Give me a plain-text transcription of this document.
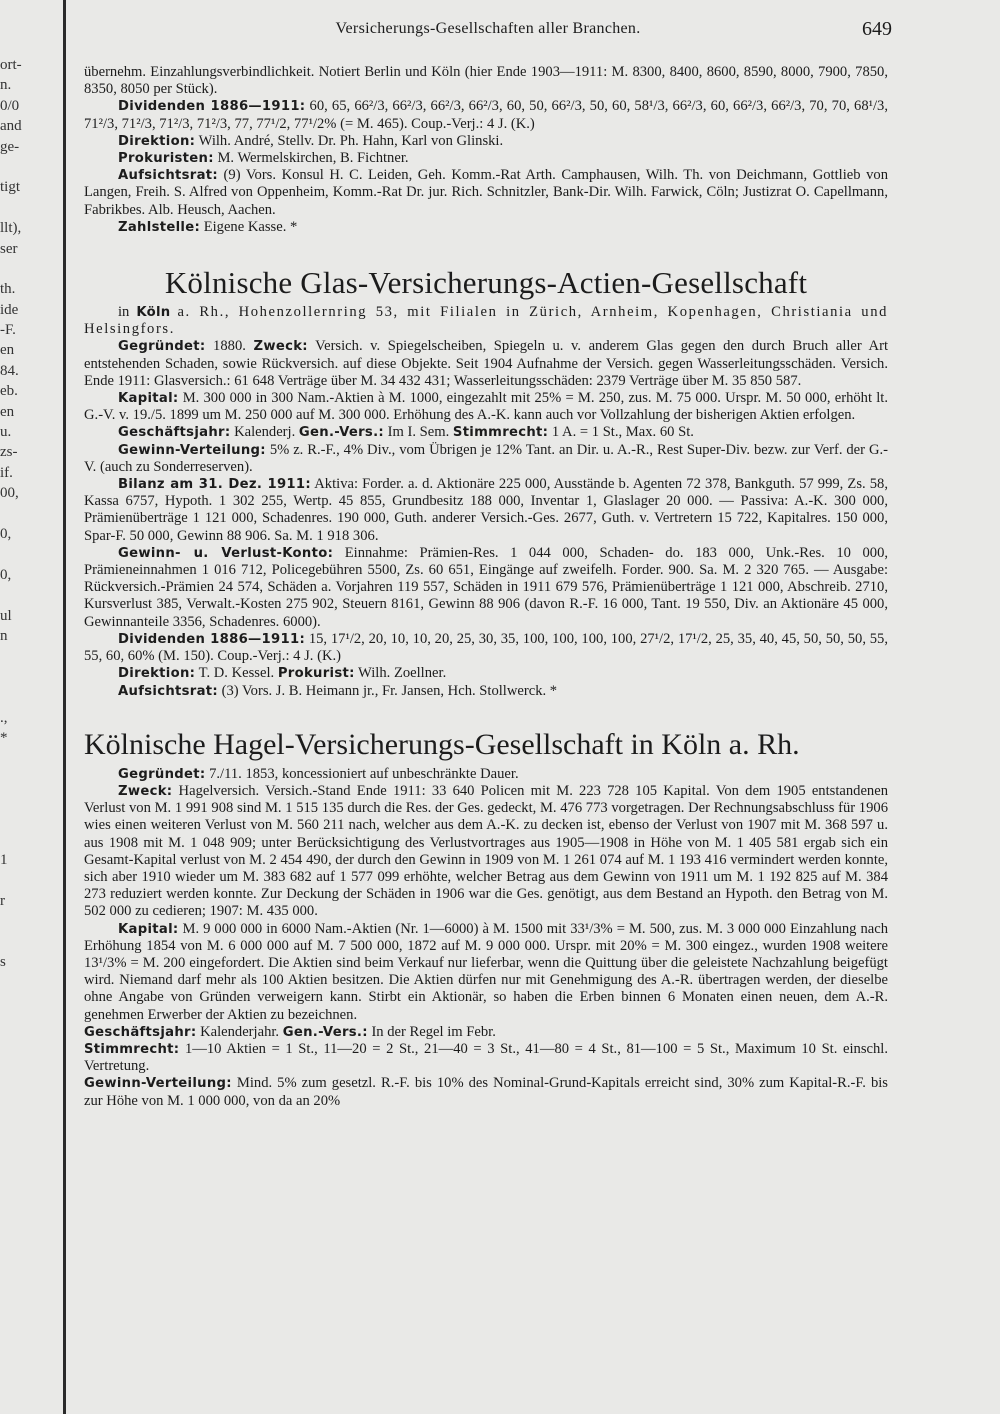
ort-
n.
0/0
and
ge-
tigt
llt),
ser
th.
ide
-F.
en
84.
eb.
en
u.
zs-
if.
00,
0,
0,
ul
n
.,
*
1
r
s
Versicherungs-Gesellschaften aller Branchen.	649

übernehm. Einzahlungsverbindlichkeit. Notiert Berlin und Köln (hier Ende 1903—1911: M. 8300, 8400, 8600, 8590, 8000, 7900, 7850, 8350, 8050 per Stück).

Dividenden 1886—1911: 60, 65, 66²/3, 66²/3, 66²/3, 66²/3, 60, 50, 66²/3, 50, 60, 58¹/3, 66²/3, 60, 66²/3, 66²/3, 70, 70, 68¹/3, 71²/3, 71²/3, 71²/3, 71²/3, 77, 77¹/2, 77¹/2% (= M. 465). Coup.-Verj.: 4 J. (K.)

Direktion: Wilh. André, Stellv. Dr. Ph. Hahn, Karl von Glinski.

Prokuristen: M. Wermelskirchen, B. Fichtner.

Aufsichtsrat: (9) Vors. Konsul H. C. Leiden, Geh. Komm.-Rat Arth. Camphausen, Wilh. Th. von Deichmann, Gottlieb von Langen, Freih. S. Alfred von Oppenheim, Komm.-Rat Dr. jur. Rich. Schnitzler, Bank-Dir. Wilh. Farwick, Cöln; Justizrat O. Capellmann, Fabrikbes. Alb. Heusch, Aachen.

Zahlstelle: Eigene Kasse. *

Kölnische Glas-Versicherungs-Actien-Gesellschaft

in Köln a. Rh., Hohenzollernring 53, mit Filialen in Zürich, Arnheim, Kopenhagen, Christiania und Helsingfors.

Gegründet: 1880. Zweck: Versich. v. Spiegelscheiben, Spiegeln u. v. anderem Glas gegen den durch Bruch aller Art entstehenden Schaden, sowie Rückversich. auf diese Objekte. Seit 1904 Aufnahme der Versich. gegen Wasserleitungsschäden. Versich. Ende 1911: Glasversich.: 61 648 Verträge über M. 34 432 431; Wasserleitungsschäden: 2379 Verträge über M. 35 850 587.

Kapital: M. 300 000 in 300 Nam.-Aktien à M. 1000, eingezahlt mit 25% = M. 250, zus. M. 75 000. Urspr. M. 50 000, erhöht lt. G.-V. v. 19./5. 1899 um M. 250 000 auf M. 300 000. Erhöhung des A.-K. kann auch vor Vollzahlung der bisherigen Aktien erfolgen.

Geschäftsjahr: Kalenderj. Gen.-Vers.: Im I. Sem. Stimmrecht: 1 A. = 1 St., Max. 60 St.

Gewinn-Verteilung: 5% z. R.-F., 4% Div., vom Übrigen je 12% Tant. an Dir. u. A.-R., Rest Super-Div. bezw. zur Verf. der G.-V. (auch zu Sonderreserven).

Bilanz am 31. Dez. 1911: Aktiva: Forder. a. d. Aktionäre 225 000, Ausstände b. Agenten 72 378, Bankguth. 57 999, Zs. 58, Kassa 6757, Hypoth. 1 302 255, Wertp. 45 855, Grundbesitz 188 000, Inventar 1, Glaslager 20 000. — Passiva: A.-K. 300 000, Prämienüberträge 1 121 000, Schadenres. 190 000, Guth. anderer Versich.-Ges. 2677, Guth. v. Vertretern 15 722, Kapitalres. 150 000, Spar-F. 50 000, Gewinn 88 906. Sa. M. 1 918 306.

Gewinn- u. Verlust-Konto: Einnahme: Prämien-Res. 1 044 000, Schaden- do. 183 000, Unk.-Res. 10 000, Prämieneinnahmen 1 016 712, Policegebühren 5500, Zs. 60 651, Eingänge auf zweifelh. Forder. 900. Sa. M. 2 320 765. — Ausgabe: Rückversich.-Prämien 24 574, Schäden a. Vorjahren 119 557, Schäden in 1911 679 576, Prämienüberträge 1 121 000, Abschreib. 2710, Kursverlust 385, Verwalt.-Kosten 275 902, Steuern 8161, Gewinn 88 906 (davon R.-F. 16 000, Tant. 19 550, Div. an Aktionäre 45 000, Gewinnanteile 3356, Schadenres. 6000).

Dividenden 1886—1911: 15, 17¹/2, 20, 10, 10, 20, 25, 30, 35, 100, 100, 100, 100, 27¹/2, 17¹/2, 25, 35, 40, 45, 50, 50, 50, 55, 55, 60, 60% (M. 150). Coup.-Verj.: 4 J. (K.)

Direktion: T. D. Kessel. Prokurist: Wilh. Zoellner.

Aufsichtsrat: (3) Vors. J. B. Heimann jr., Fr. Jansen, Hch. Stollwerck. *

Kölnische Hagel-Versicherungs-Gesellschaft in Köln a. Rh.

Gegründet: 7./11. 1853, koncessioniert auf unbeschränkte Dauer.

Zweck: Hagelversich. Versich.-Stand Ende 1911: 33 640 Policen mit M. 223 728 105 Kapital. Von dem 1905 entstandenen Verlust von M. 1 991 908 sind M. 1 515 135 durch die Res. der Ges. gedeckt, M. 476 773 vorgetragen. Der Rechnungsabschluss für 1906 wies einen weiteren Verlust von M. 560 211 nach, welcher aus dem A.-K. zu decken ist, ebenso der Verlust von 1907 mit M. 368 597 u. aus 1908 mit M. 1 048 909; unter Berücksichtigung des Verlustvortrages aus 1905—1908 in Höhe von M. 1 405 581 ergab sich ein Gesamt-Kapital verlust von M. 2 454 490, der durch den Gewinn in 1909 von M. 1 261 074 auf M. 1 193 416 vermindert werden konnte, sich aber 1910 wieder um M. 383 682 auf 1 577 099 erhöhte, welcher Betrag aus dem Gewinn von 1911 um M. 1 192 825 auf M. 384 273 reduziert werden konnte. Zur Deckung der Schäden in 1906 war die Ges. genötigt, aus dem Bestand an Hypoth. den Betrag von M. 502 000 zu cedieren; 1907: M. 435 000.

Kapital: M. 9 000 000 in 6000 Nam.-Aktien (Nr. 1—6000) à M. 1500 mit 33¹/3% = M. 500, zus. M. 3 000 000 Einzahlung nach Erhöhung 1854 von M. 6 000 000 auf M. 7 500 000, 1872 auf M. 9 000 000. Urspr. mit 20% = M. 300 eingez., wurden 1908 weitere 13¹/3% = M. 200 eingefordert. Die Aktien sind beim Verkauf nur lieferbar, wenn die Quittung über die geleistete Nachzahlung beigefügt wird. Niemand darf mehr als 100 Aktien besitzen. Die Aktien dürfen nur mit Genehmigung des A.-R. übertragen werden, der dieselbe ohne Angabe von Gründen verweigern kann. Stirbt ein Aktionär, so haben die Erben binnen 6 Monaten einen neuen, dem A.-R. genehmen Erwerber der Aktien zu bezeichnen.

Geschäftsjahr: Kalenderjahr. Gen.-Vers.: In der Regel im Febr.

Stimmrecht: 1—10 Aktien = 1 St., 11—20 = 2 St., 21—40 = 3 St., 41—80 = 4 St., 81—100 = 5 St., Maximum 10 St. einschl. Vertretung.

Gewinn-Verteilung: Mind. 5% zum gesetzl. R.-F. bis 10% des Nominal-Grund-Kapitals erreicht sind, 30% zum Kapital-R.-F. bis zur Höhe von M. 1 000 000, von da an 20%
